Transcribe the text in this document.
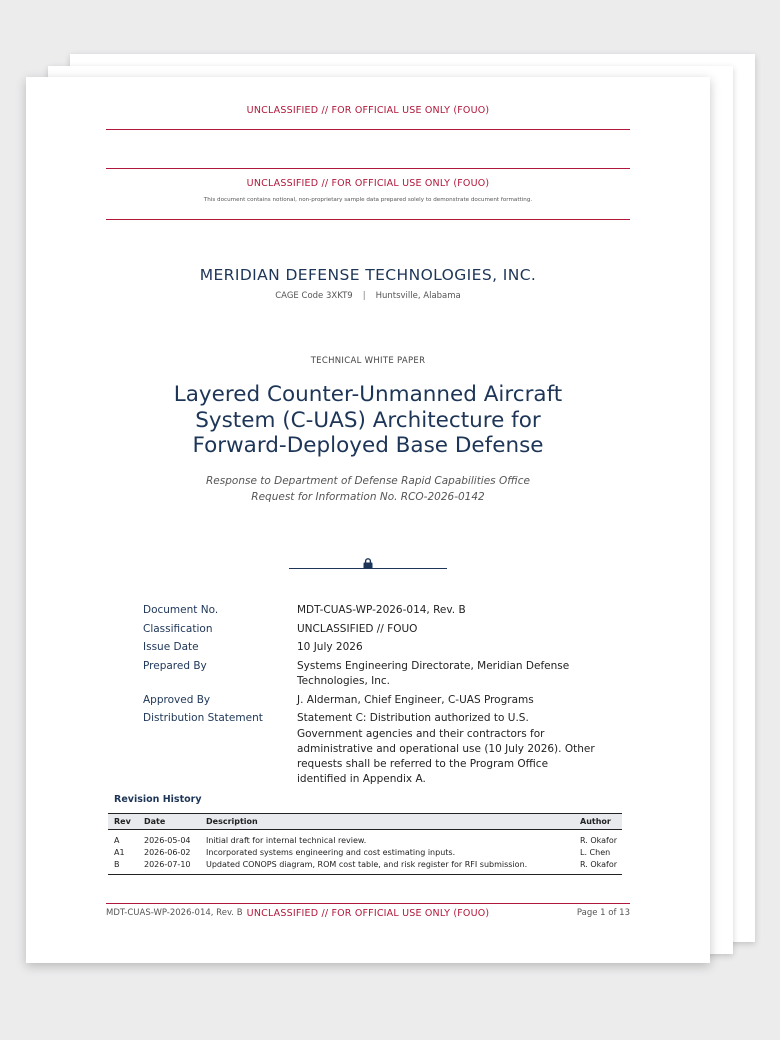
UNCLASSIFIED // FOR OFFICIAL USE ONLY (FOUO)
UNCLASSIFIED // FOR OFFICIAL USE ONLY (FOUO)
This document contains notional, non-proprietary sample data prepared solely to demonstrate document formatting.
MERIDIAN DEFENSE TECHNOLOGIES, INC.
CAGE Code 3XKT9 | Huntsville, Alabama
TECHNICAL WHITE PAPER
Layered Counter-Unmanned Aircraft
System (C-UAS) Architecture for
Forward-Deployed Base Defense
Response to Department of Defense Rapid Capabilities Office
Request for Information No. RCO-2026-0142
Document No.	MDT-CUAS-WP-2026-014, Rev. B
Classification	UNCLASSIFIED // FOUO
Issue Date	10 July 2026
Prepared By	Systems Engineering Directorate, Meridian Defense Technologies, Inc.
Approved By	J. Alderman, Chief Engineer, C-UAS Programs
Distribution Statement	Statement C: Distribution authorized to U.S. Government agencies and their contractors for administrative and operational use (10 July 2026). Other requests shall be referred to the Program Office identified in Appendix A.
Revision History
Rev	Date	Description	Author
A	2026-05-04	Initial draft for internal technical review.	R. Okafor
A1	2026-06-02	Incorporated systems engineering and cost estimating inputs.	L. Chen
B	2026-07-10	Updated CONOPS diagram, ROM cost table, and risk register for RFI submission.	R. Okafor
MDT-CUAS-WP-2026-014, Rev. B UNCLASSIFIED // FOR OFFICIAL USE ONLY (FOUO)	Page 1 of 13
